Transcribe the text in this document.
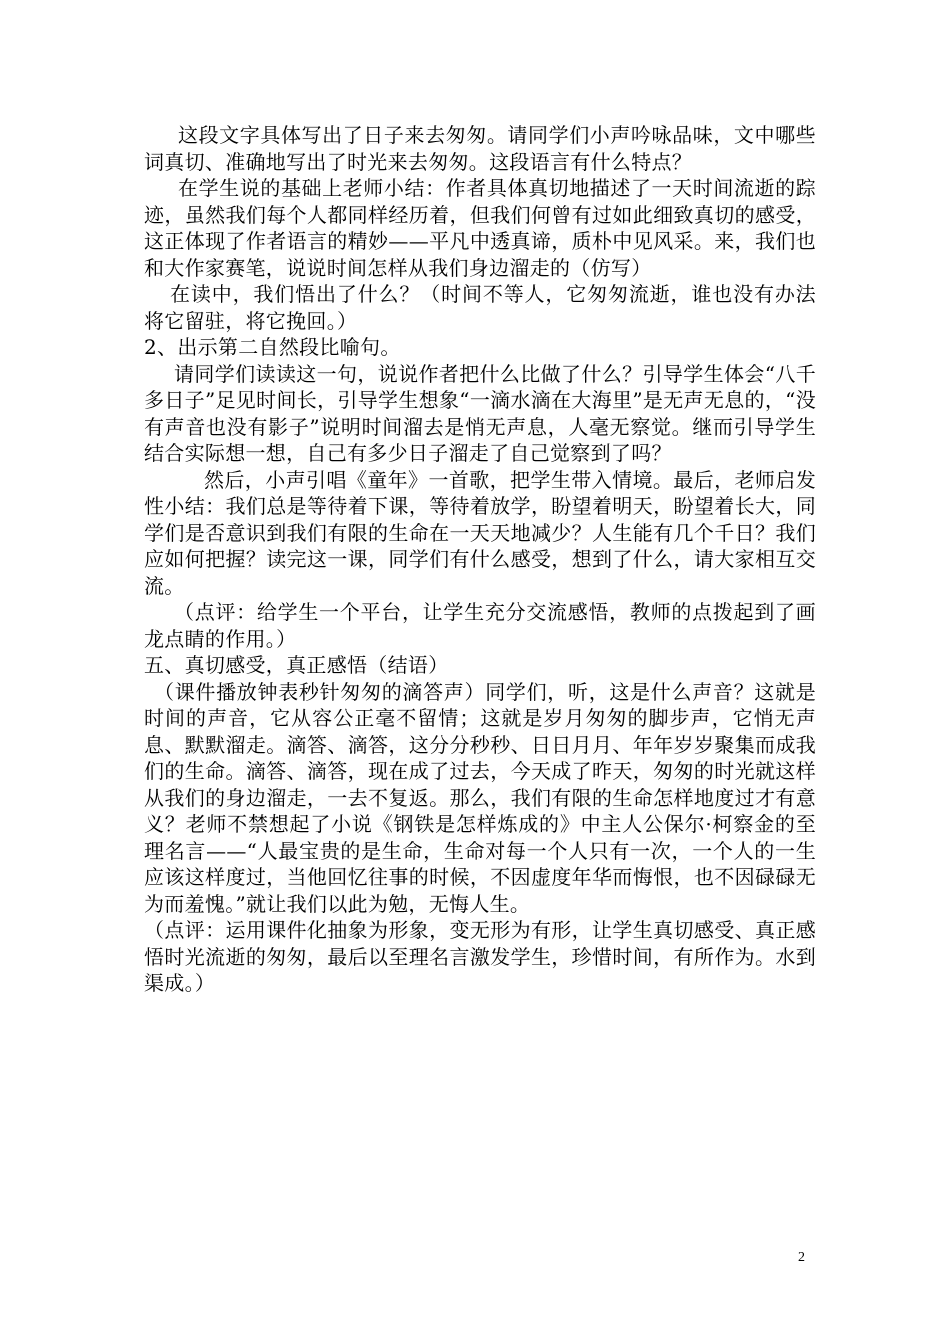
这段文字具体写出了日子来去匆匆。请同学们小声吟咏品味，文中哪些词真切、准确地写出了时光来去匆匆。这段语言有什么特点？

在学生说的基础上老师小结：作者具体真切地描述了一天时间流逝的踪迹，虽然我们每个人都同样经历着，但我们何曾有过如此细致真切的感受，这正体现了作者语言的精妙——平凡中透真谛，质朴中见风采。来，我们也和大作家赛笔，说说时间怎样从我们身边溜走的（仿写）

在读中，我们悟出了什么？（时间不等人，它匆匆流逝，谁也没有办法将它留驻，将它挽回。）

2、出示第二自然段比喻句。

请同学们读读这一句，说说作者把什么比做了什么？引导学生体会“八千多日子”足见时间长，引导学生想象“一滴水滴在大海里”是无声无息的，“没有声音也没有影子”说明时间溜去是悄无声息，人毫无察觉。继而引导学生结合实际想一想，自己有多少日子溜走了自己觉察到了吗？

然后，小声引唱《童年》一首歌，把学生带入情境。最后，老师启发性小结：我们总是等待着下课，等待着放学，盼望着明天，盼望着长大，同学们是否意识到我们有限的生命在一天天地减少？人生能有几个千日？我们应如何把握？读完这一课，同学们有什么感受，想到了什么，请大家相互交流。

（点评：给学生一个平台，让学生充分交流感悟，教师的点拨起到了画龙点睛的作用。）

五、真切感受，真正感悟（结语）

（课件播放钟表秒针匆匆的滴答声）同学们，听，这是什么声音？这就是时间的声音，它从容公正毫不留情；这就是岁月匆匆的脚步声，它悄无声息、默默溜走。滴答、滴答，这分分秒秒、日日月月、年年岁岁聚集而成我们的生命。滴答、滴答，现在成了过去，今天成了昨天，匆匆的时光就这样从我们的身边溜走，一去不复返。那么，我们有限的生命怎样地度过才有意义？老师不禁想起了小说《钢铁是怎样炼成的》中主人公保尔·柯察金的至理名言——“人最宝贵的是生命，生命对每一个人只有一次，一个人的一生应该这样度过，当他回忆往事的时候，不因虚度年华而悔恨，也不因碌碌无为而羞愧。”就让我们以此为勉，无悔人生。

（点评：运用课件化抽象为形象，变无形为有形，让学生真切感受、真正感悟时光流逝的匆匆，最后以至理名言激发学生，珍惜时间，有所作为。水到渠成。）

2
